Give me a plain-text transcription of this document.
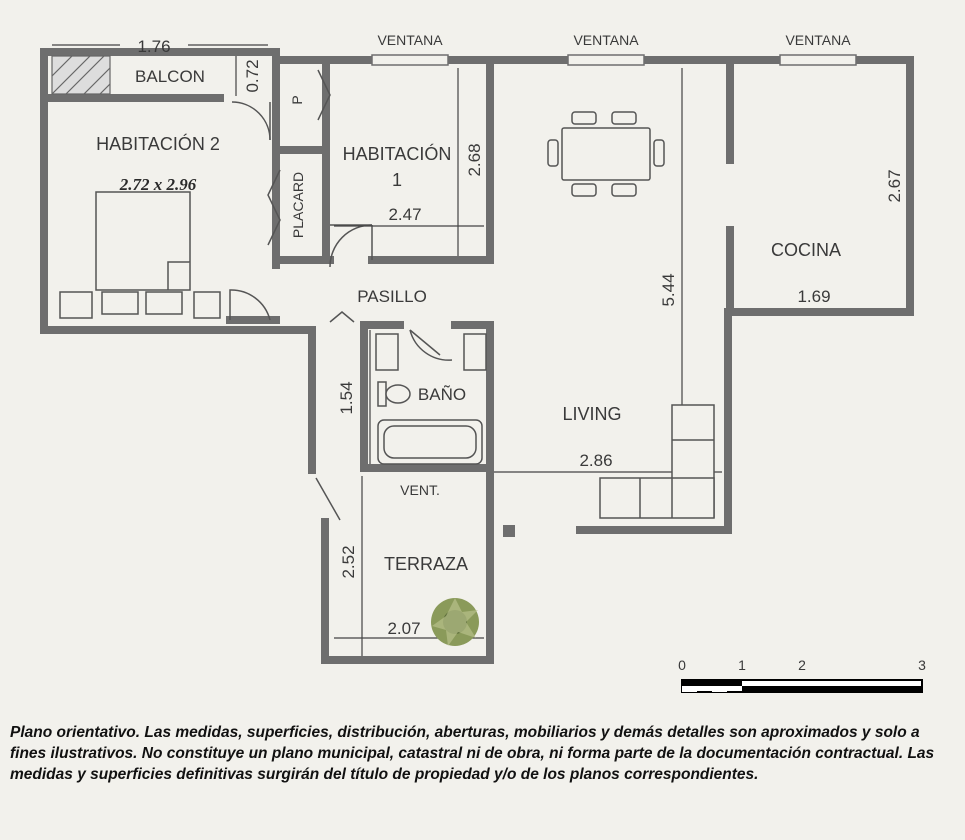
VENTANA	VENTANA	VENTANA
0	1	2	3
BALCON
HABITACIÓN 2
2.72 x 2.96
HABITACIÓN
1
PLACARD
P
PASILLO
BAÑO
LIVING
COCINA
TERRAZA
VENT.
1.76
0.72
2.68
2.47
5.44
2.67
1.69
1.54
2.86
2.52
2.07
Plano orientativo. Las medidas, superficies, distribución, aberturas, mobiliarios y demás detalles son aproximados y solo a fines ilustrativos. No constituye un plano municipal, catastral ni de obra, ni forma parte de la documentación contractual. Las medidas y superficies definitivas surgirán del título de propiedad y/o de los planos correspondientes.
